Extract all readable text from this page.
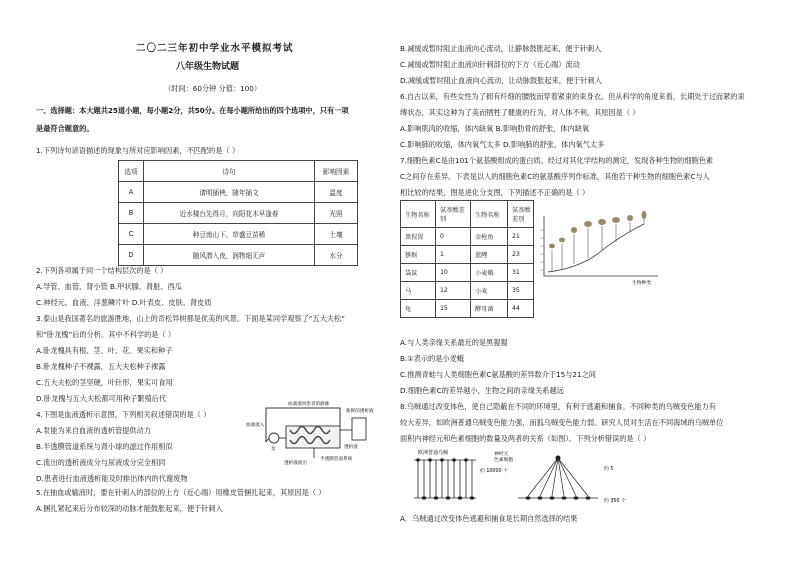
二〇二三年初中学业水平模拟考试
八年级生物试题
（时间：60分钟 分值：100）
一、选择题：本大题共25道小题，每小题2分，共50分。在每小题所给出的四个选项中，只有一项
是最符合题意的。
1.下列诗句谚语描述的现象与所对应影响因素，不匹配的是（ ）
选项	诗句	影响因素
A	请明插秧，随年插文	温度
B	近水楼台先得月，向阳花木早逢春	光照
C	种豆南山下，草盛豆苗稀	土壤
D	随风潜入夜，润物细无声	水分
2.下列各项属于同一个结构层次的是（ ）
A.导管、血管、肾小管 B.甲状腺、肾脏、西瓜
C.神经元、血液、洋葱鳞片叶 D.叶表皮、皮肤、肾皮质
3.泰山是我国著名的旅游胜地，山上的奇松异树都是优美的风景。下面是某同学观察了“五大夫松”
和“卧龙槐”后的分析。其中不科学的是（ ）
A.卧龙槐具有根、茎、叶、花、果实和种子
B.卧龙槐种子不裸露，五大夫松种子裸露
C.五大夫松的茎坚硬，叶针形，果实可食用
D.卧龙槐与五大夫松都可用种子繁殖后代
4.下图是血液透析示意图，下列相关叙述错误的是（ ）
A.泵能为来自血液的透析管提供动力
B.半透膜管道系统与肾小球的滤过作用相似
C.流出的透析液成分与尿液成分完全相同
D.患者进行血液透析能及时排出体内的代谢废物
血液流回患者的静脉
新鲜的透析液
血液流入
泵	透析液
半透膜管道系统
透析液流出
5.在抽血或输液时，要在针刺入的部位的上方（近心端）用橡皮管捆扎起来，其原因是（ ）
A.捆扎紧起来后分布较深的动脉才能鼓胀起来，便于针刺入
B.减缓或暂时阻止血液向心流动，让静脉鼓胀起来，便于针刺入
C.减缓或暂时阻止血液向针刺部位的下方（近心端）流动
D.减缓或暂时阻止血液向心流动，让动脉鼓胀起来，便于针刺入
6.自古以来，有些女性为了拥有纤细的腰肢而穿着紧束的束身衣。但从科学的角度来看，长期处于过而紧的束
缚状态，其实这种为了美而牺牲了健康的行为，对人体不利，其原因是（ ）
A.影响肌肉的收缩，体内缺氧 B.影响肋骨的舒张，体内缺氧
C.影响肺的收缩，体内氧气太多 D.影响肺的舒张，体内氧气太多
7.细胞色素C是由101个氨基酸组成的蛋白质。经过对其化学结构的测定，发现各种生物的细胞色素
C之间存在差异。下表是以人的细胞色素C的氨基酸序列作标准，其他若干种生物的细胞色素C与人
相比较的结果，图是进化分支图，下列描述不正确的是（ ）
生物名称	氨基酸差别	生物名称	氨基酸差别
黑猩猩	0	金枪鱼	21
猕猴	1	蓝鲤	23
袋鼠	10	小麦蛾	31
马	12	小麦	35
龟	15	酵母菌	44
生物种类
A.与人类亲缘关系最近的是黑猩猩
B.①表示的是小麦蛾
C.推测青蛙与人类细胞色素C氨基酸的差异数介于15与21之间
D.细胞色素C的差异越小，生物之间的亲缘关系越远
8.乌贼通过改变体色，使自己隐蔽在不同的环境里，有利于逃避和捕食。不同种类的乌贼变色能力有
较大差异，如欧洲普通乌贼变色能力强，而狐乌贼变色能力弱。研究人员对生活在不同海域的乌贼单位
面积内神经元和色素细胞的数量及两者的关系（如图）。下列分析错误的是（ ）
欧洲普通乌贼	神经元
色素细胞
约 10000 个	约 5
约 350 个
A．乌贼通过改变体色逃避和捕食是长期自然选择的结果
